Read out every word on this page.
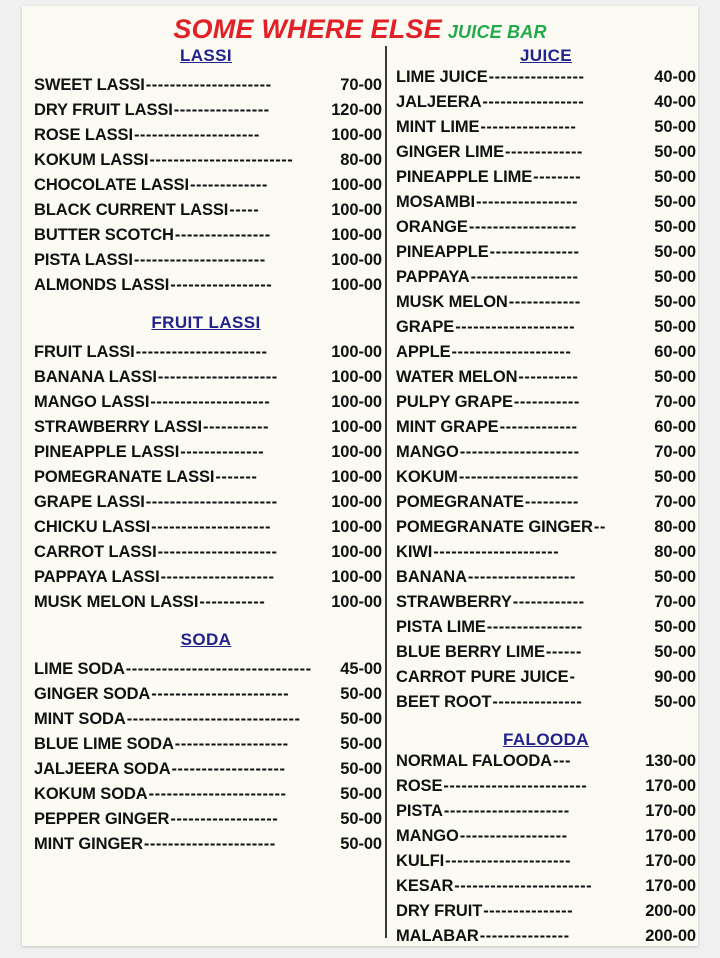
SOME WHERE ELSE JUICE BAR
LASSI
SWEET LASSI ---------------------	70-00
DRY FRUIT LASSI ----------------	120-00
ROSE LASSI ---------------------	100-00
KOKUM LASSI ------------------------	80-00
CHOCOLATE LASSI -------------	100-00
BLACK CURRENT LASSI -----	100-00
BUTTER SCOTCH ----------------	100-00
PISTA LASSI ----------------------	100-00
ALMONDS LASSI -----------------	100-00
FRUIT LASSI
FRUIT LASSI ----------------------	100-00
BANANA LASSI --------------------	100-00
MANGO LASSI --------------------	100-00
STRAWBERRY LASSI -----------	100-00
PINEAPPLE LASSI --------------	100-00
POMEGRANATE LASSI -------	100-00
GRAPE LASSI ----------------------	100-00
CHICKU LASSI --------------------	100-00
CARROT LASSI --------------------	100-00
PAPPAYA LASSI -------------------	100-00
MUSK MELON LASSI -----------	100-00
SODA
LIME SODA -------------------------------	45-00
GINGER SODA -----------------------	50-00
MINT SODA -----------------------------	50-00
BLUE LIME SODA -------------------	50-00
JALJEERA SODA -------------------	50-00
KOKUM SODA -----------------------	50-00
PEPPER GINGER ------------------	50-00
MINT GINGER ----------------------	50-00
JUICE
LIME JUICE ----------------	40-00
JALJEERA -----------------	40-00
MINT LIME ----------------	50-00
GINGER LIME -------------	50-00
PINEAPPLE LIME --------	50-00
MOSAMBI -----------------	50-00
ORANGE ------------------	50-00
PINEAPPLE ---------------	50-00
PAPPAYA ------------------	50-00
MUSK MELON ------------	50-00
GRAPE --------------------	50-00
APPLE --------------------	60-00
WATER MELON ----------	50-00
PULPY GRAPE -----------	70-00
MINT GRAPE -------------	60-00
MANGO --------------------	70-00
KOKUM --------------------	50-00
POMEGRANATE ---------	70-00
POMEGRANATE GINGER --	80-00
KIWI ---------------------	80-00
BANANA ------------------	50-00
STRAWBERRY ------------	70-00
PISTA LIME ----------------	50-00
BLUE BERRY LIME ------	50-00
CARROT PURE JUICE -	90-00
BEET ROOT ---------------	50-00
FALOODA
NORMAL FALOODA ---	130-00
ROSE ------------------------	170-00
PISTA ---------------------	170-00
MANGO ------------------	170-00
KULFI ---------------------	170-00
KESAR -----------------------	170-00
DRY FRUIT ---------------	200-00
MALABAR ---------------	200-00
